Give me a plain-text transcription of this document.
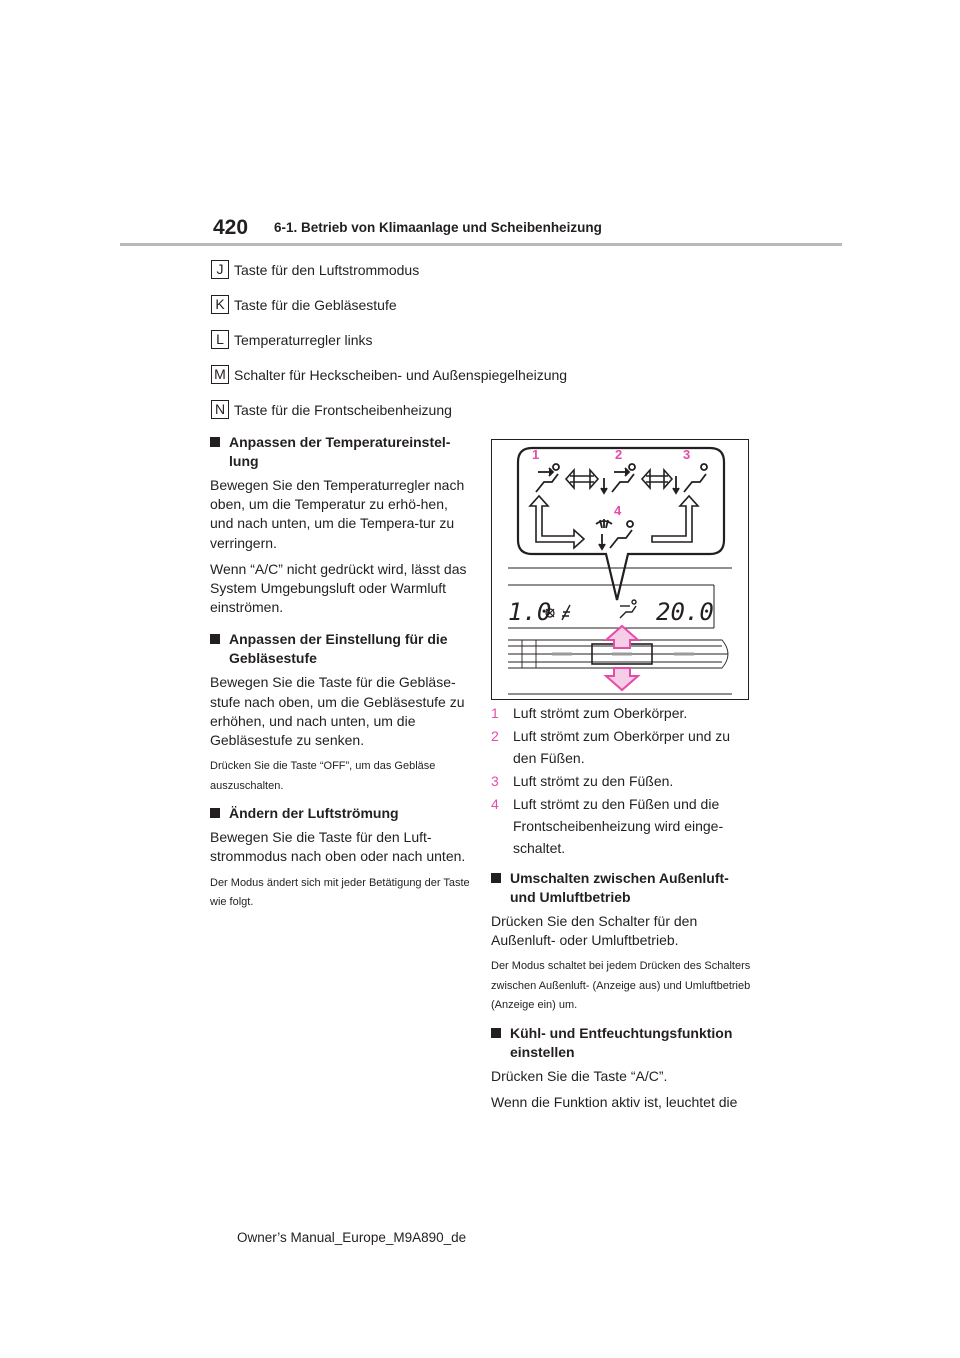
420 6-1. Betrieb von Klimaanlage und Scheibenheizung
J Taste für den Luftstrommodus
K Taste für die Gebläsestufe
L Temperaturregler links
M Schalter für Heckscheiben- und Außenspiegelheizung
N Taste für die Frontscheibenheizung
Anpassen der Temperatureinstel-lung
Bewegen Sie den Temperaturregler nach oben, um die Temperatur zu erhö-hen, und nach unten, um die Tempera-tur zu verringern.
Wenn “A/C” nicht gedrückt wird, lässt das System Umgebungsluft oder Warmluft einströmen.
Anpassen der Einstellung für die Gebläsestufe
Bewegen Sie die Taste für die Gebläse-stufe nach oben, um die Gebläsestufe zu erhöhen, und nach unten, um die Gebläsestufe zu senken.
Drücken Sie die Taste “OFF”, um das Gebläse auszuschalten.
Ändern der Luftströmung
Bewegen Sie die Taste für den Luft-strommodus nach oben oder nach unten.
Der Modus ändert sich mit jeder Betätigung der Taste wie folgt.
1	2	3
4
1.0	20.0
1	Luft strömt zum Oberkörper.
2	Luft strömt zum Oberkörper und zu den Füßen.
3	Luft strömt zu den Füßen.
4	Luft strömt zu den Füßen und die Frontscheibenheizung wird einge-schaltet.
Umschalten zwischen Außenluft- und Umluftbetrieb
Drücken Sie den Schalter für den Außenluft- oder Umluftbetrieb.
Der Modus schaltet bei jedem Drücken des Schalters zwischen Außenluft- (Anzeige aus) und Umluftbetrieb (Anzeige ein) um.
Kühl- und Entfeuchtungsfunktion einstellen
Drücken Sie die Taste “A/C”.
Wenn die Funktion aktiv ist, leuchtet die
Owner’s Manual_Europe_M9A890_de
